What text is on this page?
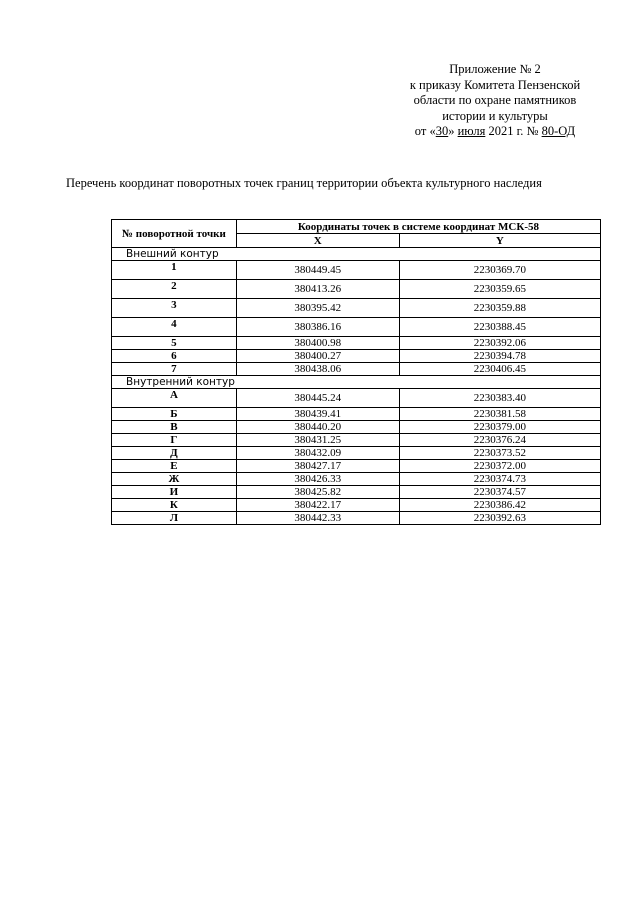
Приложение № 2
к приказу Комитета Пензенской
области по охране памятников
истории и культуры
от «30» июля 2021 г. № 80-ОД
Перечень координат поворотных точек границ территории объекта культурного наследия
№ поворотной точки	Координаты точек в системе координат МСК-58	
	X	Y
Внешний контур		
1	380449.45	2230369.70
2	380413.26	2230359.65
3	380395.42	2230359.88
4	380386.16	2230388.45
5	380400.98	2230392.06
6	380400.27	2230394.78
7	380438.06	2230406.45
Внутренний контур		
А	380445.24	2230383.40
Б	380439.41	2230381.58
В	380440.20	2230379.00
Г	380431.25	2230376.24
Д	380432.09	2230373.52
Е	380427.17	2230372.00
Ж	380426.33	2230374.73
И	380425.82	2230374.57
К	380422.17	2230386.42
Л	380442.33	2230392.63
